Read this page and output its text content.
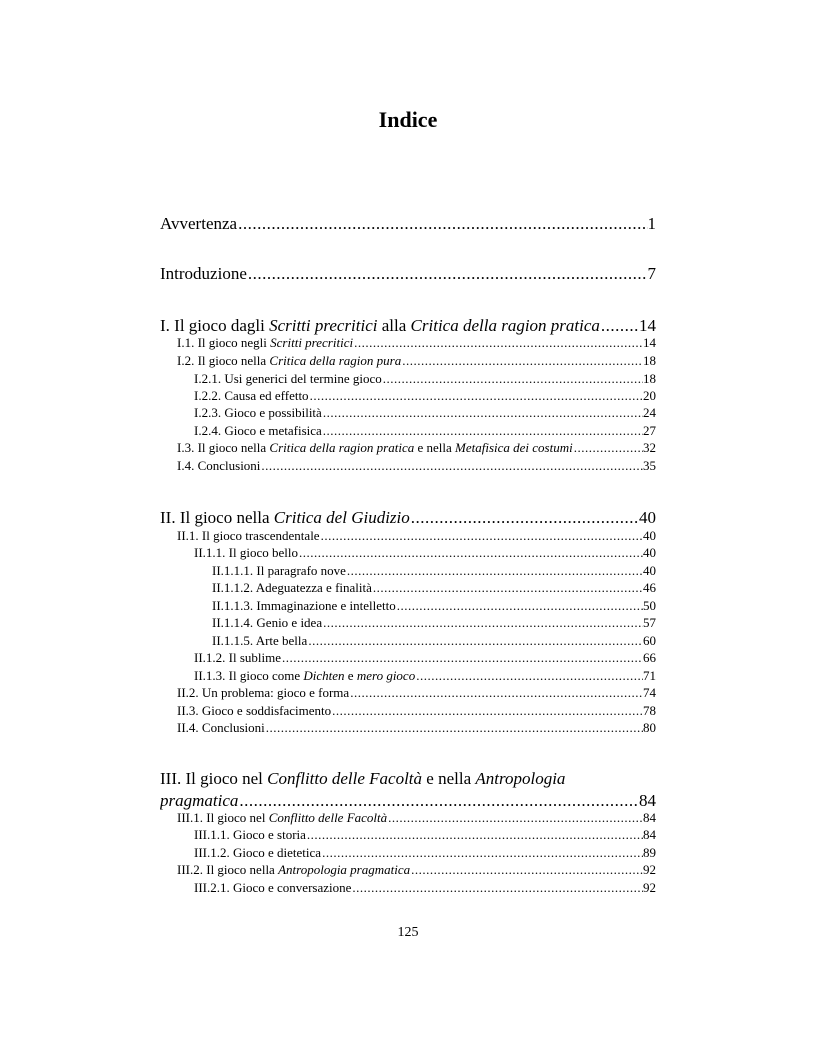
Indice
Avvertenza .....	1
Introduzione .....	7
I. Il gioco dagli Scritti precritici alla Critica della ragion pratica ..... 14
I.1. Il gioco negli Scritti precritici .....	14
I.2. Il gioco nella Critica della ragion pura .....	18
I.2.1. Usi generici del termine gioco .....	18
I.2.2. Causa ed effetto .....	20
I.2.3. Gioco e possibilità .....	24
I.2.4. Gioco e metafisica .....	27
I.3. Il gioco nella Critica della ragion pratica e nella Metafisica dei costumi .....	32
I.4. Conclusioni .....	35
II. Il gioco nella Critica del Giudizio .....	40
II.1. Il gioco trascendentale .....	40
II.1.1. Il gioco bello .....	40
II.1.1.1. Il paragrafo nove .....	40
II.1.1.2. Adeguatezza e finalità .....	46
II.1.1.3. Immaginazione e intelletto .....	50
II.1.1.4. Genio e idea .....	57
II.1.1.5. Arte bella .....	60
II.1.2. Il sublime .....	66
II.1.3. Il gioco come Dichten e mero gioco .....	71
II.2. Un problema: gioco e forma .....	74
II.3. Gioco e soddisfacimento .....	78
II.4. Conclusioni .....	80
III. Il gioco nel Conflitto delle Facoltà e nella Antropologia
pragmatica .....	84
III.1. Il gioco nel Conflitto delle Facoltà .....	84
III.1.1. Gioco e storia .....	84
III.1.2. Gioco e dietetica .....	89
III.2. Il gioco nella Antropologia pragmatica .....	92
III.2.1. Gioco e conversazione .....	92

125
